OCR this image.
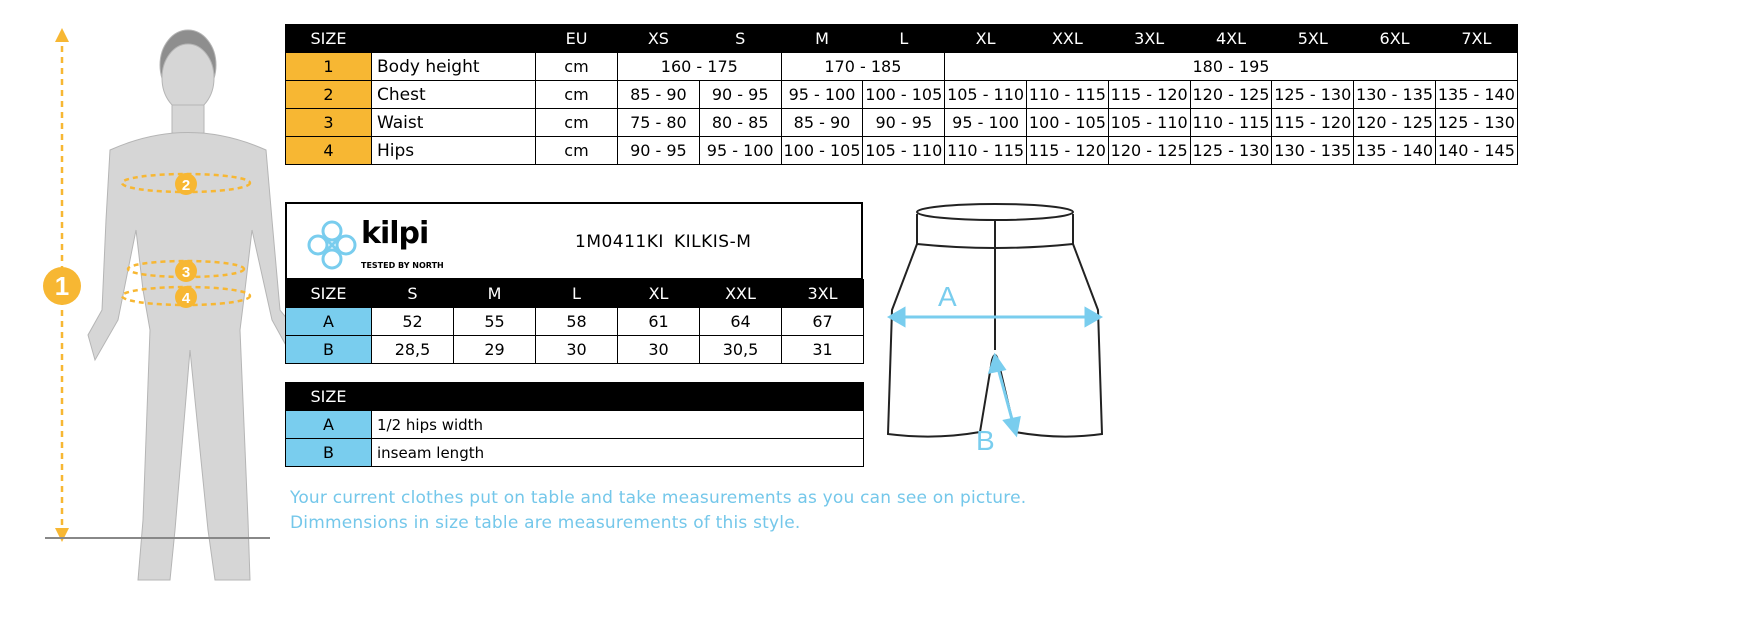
1
2
3
4
SIZE		EU	XS	S	M	L	XL	XXL	3XL	4XL	5XL	6XL	7XL
1	Body height	cm	160 - 175		170 - 185		180 - 195						
2	Chest	cm	85 - 90	90 - 95	95 - 100	100 - 105	105 - 110	110 - 115	115 - 120	120 - 125	125 - 130	130 - 135	135 - 140
3	Waist	cm	75 - 80	80 - 85	85 - 90	90 - 95	95 - 100	100 - 105	105 - 110	110 - 115	115 - 120	120 - 125	125 - 130
4	Hips	cm	90 - 95	95 - 100	100 - 105	105 - 110	110 - 115	115 - 120	120 - 125	125 - 130	130 - 135	135 - 140	140 - 145
kilpi
TESTED BY NORTH
1M0411KI KILKIS-M
SIZE	S	M	L	XL	XXL	3XL
A	52	55	58	61	64	67
B	28,5	29	30	30	30,5	31
SIZE	
A	1/2 hips width
B	inseam length
Your current clothes put on table and take measurements as you can see on picture.
Dimmensions in size table are measurements of this style.
A
B
